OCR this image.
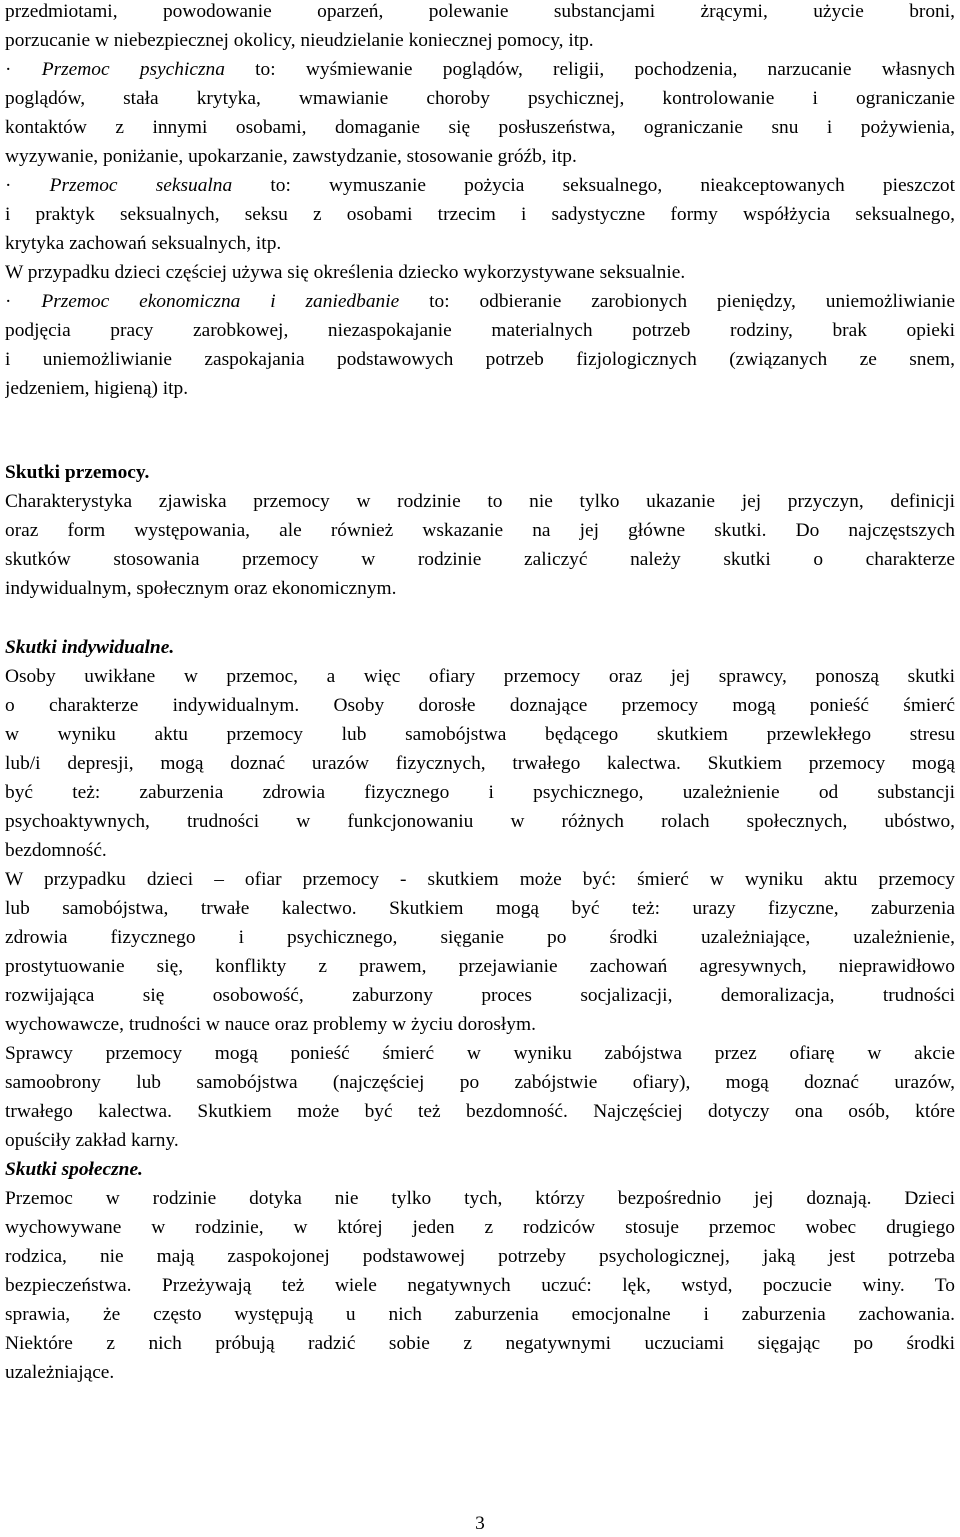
przedmiotami, powodowanie oparzeń, polewanie substancjami żrącymi, użycie broni,
porzucanie w niebezpiecznej okolicy, nieudzielanie koniecznej pomocy, itp.
· Przemoc psychiczna to: wyśmiewanie poglądów, religii, pochodzenia, narzucanie własnych
poglądów, stała krytyka, wmawianie choroby psychicznej, kontrolowanie i ograniczanie
kontaktów z innymi osobami, domaganie się posłuszeństwa, ograniczanie snu i pożywienia,
wyzywanie, poniżanie, upokarzanie, zawstydzanie, stosowanie gróźb, itp.
· Przemoc seksualna to: wymuszanie pożycia seksualnego, nieakceptowanych pieszczot
i praktyk seksualnych, seksu z osobami trzecim i sadystyczne formy współżycia seksualnego,
krytyka zachowań seksualnych, itp.
W przypadku dzieci częściej używa się określenia dziecko wykorzystywane seksualnie.
· Przemoc ekonomiczna i zaniedbanie to: odbieranie zarobionych pieniędzy, uniemożliwianie
podjęcia pracy zarobkowej, niezaspokajanie materialnych potrzeb rodziny, brak opieki
i uniemożliwianie zaspokajania podstawowych potrzeb fizjologicznych (związanych ze snem,
jedzeniem, higieną) itp.
Skutki przemocy.
Charakterystyka zjawiska przemocy w rodzinie to nie tylko ukazanie jej przyczyn, definicji
oraz form występowania, ale również wskazanie na jej główne skutki. Do najczęstszych
skutków stosowania przemocy w rodzinie zaliczyć należy skutki o charakterze
indywidualnym, społecznym oraz ekonomicznym.
Skutki indywidualne.
Osoby uwikłane w przemoc, a więc ofiary przemocy oraz jej sprawcy, ponoszą skutki
o charakterze indywidualnym. Osoby dorosłe doznające przemocy mogą ponieść śmierć
w wyniku aktu przemocy lub samobójstwa będącego skutkiem przewlekłego stresu
lub/i depresji, mogą doznać urazów fizycznych, trwałego kalectwa. Skutkiem przemocy mogą
być też: zaburzenia zdrowia fizycznego i psychicznego, uzależnienie od substancji
psychoaktywnych, trudności w funkcjonowaniu w różnych rolach społecznych, ubóstwo,
bezdomność.
W przypadku dzieci – ofiar przemocy - skutkiem może być: śmierć w wyniku aktu przemocy
lub samobójstwa, trwałe kalectwo. Skutkiem mogą być też: urazy fizyczne, zaburzenia
zdrowia fizycznego i psychicznego, sięganie po środki uzależniające, uzależnienie,
prostytuowanie się, konflikty z prawem, przejawianie zachowań agresywnych, nieprawidłowo
rozwijająca się osobowość, zaburzony proces socjalizacji, demoralizacja, trudności
wychowawcze, trudności w nauce oraz problemy w życiu dorosłym.
Sprawcy przemocy mogą ponieść śmierć w wyniku zabójstwa przez ofiarę w akcie
samoobrony lub samobójstwa (najczęściej po zabójstwie ofiary), mogą doznać urazów,
trwałego kalectwa. Skutkiem może być też bezdomność. Najczęściej dotyczy ona osób, które
opuściły zakład karny.
Skutki społeczne.
Przemoc w rodzinie dotyka nie tylko tych, którzy bezpośrednio jej doznają. Dzieci
wychowywane w rodzinie, w której jeden z rodziców stosuje przemoc wobec drugiego
rodzica, nie mają zaspokojonej podstawowej potrzeby psychologicznej, jaką jest potrzeba
bezpieczeństwa. Przeżywają też wiele negatywnych uczuć: lęk, wstyd, poczucie winy. To
sprawia, że często występują u nich zaburzenia emocjonalne i zaburzenia zachowania.
Niektóre z nich próbują radzić sobie z negatywnymi uczuciami sięgając po środki
uzależniające.
3
